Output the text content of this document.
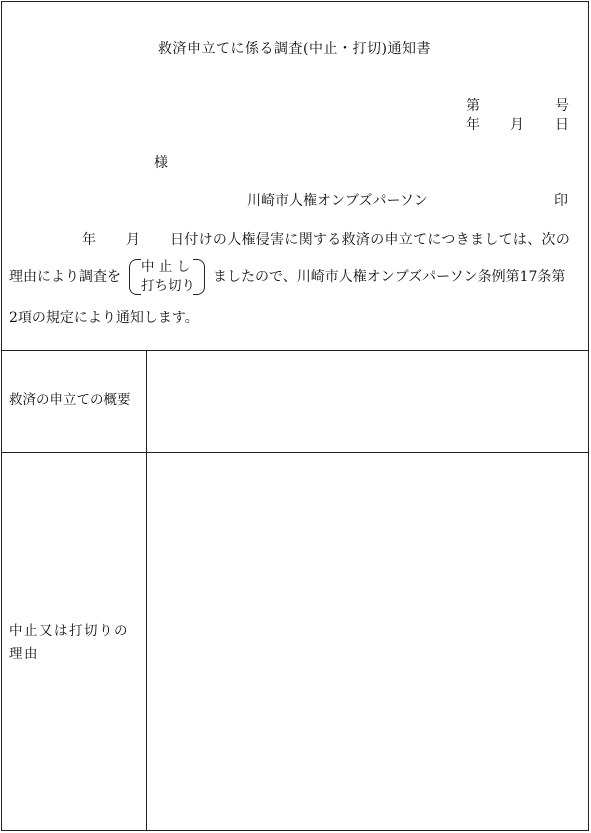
救済申立てに係る調査(中止・打切)通知書
第	号
年 月 日
様
川崎市人権オンブズパーソン	印
年 月 日付けの人権侵害に関する救済の申立てにつきましては、次の
理由により調査を
中 止 し
打ち切り
ましたので、川崎市人権オンブズパーソン条例第17条第
2項の規定により通知します。
救済の申立ての概要
中止又は打切りの
理由
